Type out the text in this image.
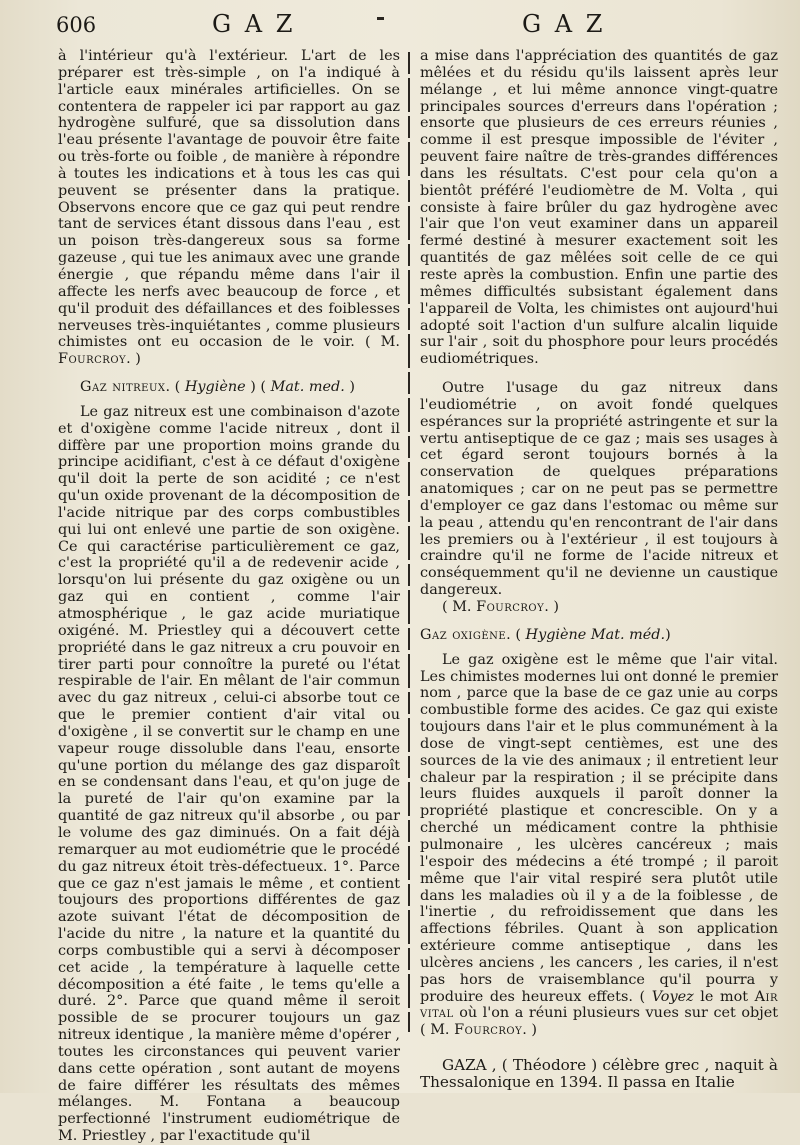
606	G A Z	G A Z

à l'intérieur qu'à l'extérieur. L'art de les préparer est très-simple , on l'a indiqué à l'article eaux minérales artificielles. On se contentera de rappeler ici par rapport au gaz hydrogène sulfuré, que sa dissolution dans l'eau présente l'avantage de pouvoir être faite ou très-forte ou foible , de manière à répondre à toutes les indications et à tous les cas qui peuvent se présenter dans la pratique. Observons encore que ce gaz qui peut rendre tant de services étant dissous dans l'eau , est un poison très-dangereux sous sa forme gazeuse , qui tue les animaux avec une grande énergie , que répandu même dans l'air il affecte les nerfs avec beaucoup de force , et qu'il produit des défaillances et des foiblesses nerveuses très-inquiétantes , comme plusieurs chimistes ont eu occasion de le voir. ( M. Fourcroy. )

Gaz nitreux. ( Hygiène ) ( Mat. med. )

Le gaz nitreux est une combinaison d'azote et d'oxigène comme l'acide nitreux , dont il diffère par une proportion moins grande du principe acidifiant, c'est à ce défaut d'oxigène qu'il doit la perte de son acidité ; ce n'est qu'un oxide provenant de la décomposition de l'acide nitrique par des corps combustibles qui lui ont enlevé une partie de son oxigène. Ce qui caractérise particulièrement ce gaz, c'est la propriété qu'il a de redevenir acide , lorsqu'on lui présente du gaz oxigène ou un gaz qui en contient , comme l'air atmosphérique , le gaz acide muriatique oxigéné. M. Priestley qui a découvert cette propriété dans le gaz nitreux a cru pouvoir en tirer parti pour connoître la pureté ou l'état respirable de l'air. En mêlant de l'air commun avec du gaz nitreux , celui-ci absorbe tout ce que le premier contient d'air vital ou d'oxigène , il se convertit sur le champ en une vapeur rouge dissoluble dans l'eau, ensorte qu'une portion du mélange des gaz disparoît en se condensant dans l'eau, et qu'on juge de la pureté de l'air qu'on examine par la quantité de gaz nitreux qu'il absorbe , ou par le volume des gaz diminués. On a fait déjà remarquer au mot eudiométrie que le procédé du gaz nitreux étoit très-défectueux. 1°. Parce que ce gaz n'est jamais le même , et contient toujours des proportions différentes de gaz azote suivant l'état de décomposition de l'acide du nitre , la nature et la quantité du corps combustible qui a servi à décomposer cet acide , la température à laquelle cette décomposition a été faite , le tems qu'elle a duré. 2°. Parce que quand même il seroit possible de se procurer toujours un gaz nitreux identique , la manière même d'opérer , toutes les circonstances qui peuvent varier dans cette opération , sont autant de moyens de faire différer les résultats des mêmes mélanges. M. Fontana a beaucoup perfectionné l'instrument eudiométrique de M. Priestley , par l'exactitude qu'il

a mise dans l'appréciation des quantités de gaz mêlées et du résidu qu'ils laissent après leur mélange , et lui même annonce vingt-quatre principales sources d'erreurs dans l'opération ; ensorte que plusieurs de ces erreurs réunies , comme il est presque impossible de l'éviter , peuvent faire naître de très-grandes différences dans les résultats. C'est pour cela qu'on a bientôt préféré l'eudiomètre de M. Volta , qui consiste à faire brûler du gaz hydrogène avec l'air que l'on veut examiner dans un appareil fermé destiné à mesurer exactement soit les quantités de gaz mêlées soit celle de ce qui reste après la combustion. Enfin une partie des mêmes difficultés subsistant également dans l'appareil de Volta, les chimistes ont aujourd'hui adopté soit l'action d'un sulfure alcalin liquide sur l'air , soit du phosphore pour leurs procédés eudiométriques.

Outre l'usage du gaz nitreux dans l'eudiométrie , on avoit fondé quelques espérances sur la propriété astringente et sur la vertu antiseptique de ce gaz ; mais ses usages à cet égard seront toujours bornés à la conservation de quelques préparations anatomiques ; car on ne peut pas se permettre d'employer ce gaz dans l'estomac ou même sur la peau , attendu qu'en rencontrant de l'air dans les premiers ou à l'extérieur , il est toujours à craindre qu'il ne forme de l'acide nitreux et conséquemment qu'il ne devienne un caustique dangereux.

( M. Fourcroy. )

Gaz oxigène. ( Hygiène Mat. méd.)

Le gaz oxigène est le même que l'air vital. Les chimistes modernes lui ont donné le premier nom , parce que la base de ce gaz unie au corps combustible forme des acides. Ce gaz qui existe toujours dans l'air et le plus communément à la dose de vingt-sept centièmes, est une des sources de la vie des animaux ; il entretient leur chaleur par la respiration ; il se précipite dans leurs fluides auxquels il paroît donner la propriété plastique et concrescible. On y a cherché un médicament contre la phthisie pulmonaire , les ulcères cancéreux ; mais l'espoir des médecins a été trompé ; il paroit même que l'air vital respiré sera plutôt utile dans les maladies où il y a de la foiblesse , de l'inertie , du refroidissement que dans les affections fébriles. Quant à son application extérieure comme antiseptique , dans les ulcères anciens , les cancers , les caries, il n'est pas hors de vraisemblance qu'il pourra y produire des heureux effets. ( Voyez le mot Air vital où l'on a réuni plusieurs vues sur cet objet ( M. Fourcroy. )

GAZA , ( Théodore ) célèbre grec , naquit à Thessalonique en 1394. Il passa en Italie
